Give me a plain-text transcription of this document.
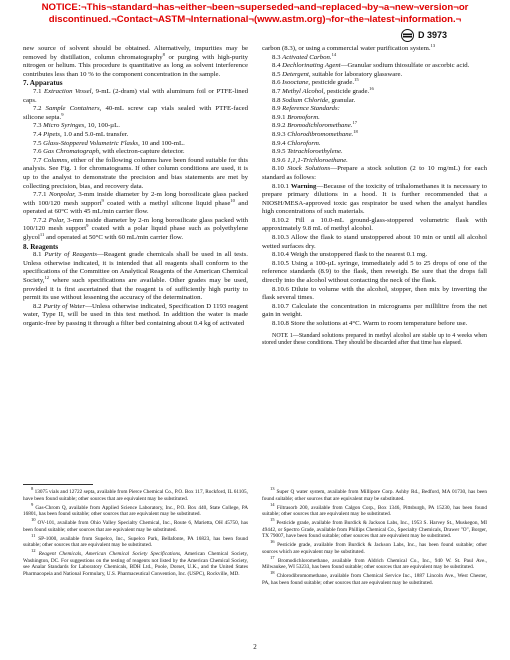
NOTICE:¬This¬standard¬has¬either¬been¬superseded¬and¬replaced¬by¬a¬new¬version¬or
discontinued.¬Contact¬ASTM¬International¬(www.astm.org)¬for¬the¬latest¬information.¬
D 3973

new source of solvent should be obtained. Alternatively, impurities may be removed by distillation, column chromatography$^8$ or purging with high-purity nitrogen or helium. This procedure is quantitative as long as solvent interference contributes less than 10 % to the component concentration in the sample.

7. Apparatus

7.1 Extraction Vessel, 9-mL (2-dram) vial with aluminum foil or PTFE-lined caps.

7.2 Sample Containers, 40-mL screw cap vials sealed with PTFE-faced silicone septa.$^9$

7.3 Micro Syringes, 10, 100-µL.

7.4 Pipets, 1.0 and 5.0-mL transfer.

7.5 Glass-Stoppered Volumetric Flasks, 10 and 100-mL.

7.6 Gas Chromatograph, with electron-capture detector.

7.7 Columns, either of the following columns have been found suitable for this analysis. See Fig. 1 for chromatograms. If other column conditions are used, it is up to the analyst to demonstrate the precision and bias statements are met by collecting precision, bias, and recovery data.

7.7.1 Nonpolar, 3-mm inside diameter by 2-m long borosilicate glass packed with 100/120 mesh support$^9$ coated with a methyl silicone liquid phase$^{10}$ and operated at 60°C with 45 mL/min carrier flow.

7.7.2 Polar, 3-mm inside diameter by 2-m long borosilicate glass packed with 100/120 mesh support$^9$ coated with a polar liquid phase such as polyethylene glycol$^{11}$ and operated at 50°C with 60 mL/min carrier flow.

8. Reagents

8.1 Purity of Reagents—Reagent grade chemicals shall be used in all tests. Unless otherwise indicated, it is intended that all reagents shall conform to the specifications of the Committee on Analytical Reagents of the American Chemical Society,$^{12}$ where such specifications are available. Other grades may be used, provided it is first ascertained that the reagent is of sufficiently high purity to permit its use without lessening the accuracy of the determination.

8.2 Purity of Water—Unless otherwise indicated, Specification D 1193 reagent water, Type II, will be used in this test method. In addition the water is made organic-free by passing it through a filter bed containing about 0.4 kg of activated

carbon (8.3), or using a commercial water purification system.$^{13}$

8.3 Activated Carbon.$^{14}$

8.4 Dechlorinating Agent—Granular sodium thiosulfate or ascorbic acid.

8.5 Detergent, suitable for laboratory glassware.

8.6 Isooctane, pesticide grade.$^{15}$

8.7 Methyl Alcohol, pesticide grade.$^{16}$

8.8 Sodium Chloride, granular.

8.9 Reference Standards:

8.9.1 Bromoform.

8.9.2 Bromodichloromethane.$^{17}$

8.9.3 Chlorodibromomethane.$^{18}$

8.9.4 Chloroform.

8.9.5 Tetrachloroethylene.

8.9.6 1,1,1-Trichloroethane.

8.10 Stock Solutions—Prepare a stock solution (2 to 10 mg/mL) for each standard as follows:

8.10.1 Warning—Because of the toxicity of trihalomethanes it is necessary to prepare primary dilutions in a hood. It is further recommended that a NIOSH/MESA-approved toxic gas respirator be used when the analyst handles high concentrations of such materials.

8.10.2 Fill a 10.0-mL ground-glass-stoppered volumetric flask with approximately 9.8 mL of methyl alcohol.

8.10.3 Allow the flask to stand unstoppered about 10 min or until all alcohol wetted surfaces dry.

8.10.4 Weigh the unstoppered flask to the nearest 0.1 mg.

8.10.5 Using a 100-µL syringe, immediately add 5 to 25 drops of one of the reference standards (8.9) to the flask, then reweigh. Be sure that the drops fall directly into the alcohol without contacting the neck of the flask.

8.10.6 Dilute to volume with the alcohol, stopper, then mix by inverting the flask several times.

8.10.7 Calculate the concentration in micrograms per millilitre from the net gain in weight.

8.10.8 Store the solutions at 4°C. Warm to room temperature before use.

NOTE 1—Standard solutions prepared in methyl alcohol are stable up to 4 weeks when stored under these conditions. They should be discarded after that time has elapsed.

$^8$ 13075 vials and 12722 septa, available from Pierce Chemical Co., P.O. Box 117, Rockford, IL 61105, have been found suitable; other sources that are equivalent may be substituted.

$^9$ Gas-Chrom Q, available from Applied Science Laboratory, Inc., P.O. Box 440, State College, PA 16801, has been found suitable; other sources that are equivalent may be substituted.

$^{10}$ OV-101, available from Ohio Valley Specialty Chemical, Inc., Route 6, Marietta, OH 45750, has been found suitable; other sources that are equivalent may be substituted.

$^{11}$ SP-1000, available from Supelco, Inc., Supelco Park, Bellafonte, PA 16823, has been found suitable; other sources that are equivalent may be substituted.

$^{12}$ Reagent Chemicals, American Chemical Society Specifications, American Chemical Society, Washington, DC. For suggestions on the testing of reagents not listed by the American Chemical Society, see Analar Standards for Laboratory Chemicals, BDH Ltd., Poole, Dorset, U.K., and the United States Pharmacopeia and National Formulary, U.S. Pharmaceutical Convention, Inc. (USPC), Rockville, MD.

$^{13}$ Super Q water system, available from Millipore Corp. Ashby Rd., Bedford, MA 01730, has been found suitable; other sources that are equivalent may be substituted.

$^{14}$ Filtrasorb 200, available from Calgon Corp., Box 1346, Pittsburgh, PA 15230, has been found suitable; other sources that are equivalent may be substituted.

$^{15}$ Pesticide grade, available from Burdick & Jackson Labs, Inc., 1953 S. Harvey St., Muskegon, MI 49442, or Spectro Grade, available from Phillips Chemical Co., Specialty Chemicals, Drawer "O", Borger, TX 79007, have been found suitable; other sources that are equivalent may be substituted.

$^{16}$ Pesticide grade, available from Burdick & Jackson Labs, Inc., has been found suitable; other sources which are equivalent may be substituted.

$^{17}$ Bromodichloromethane, available from Aldrich Chemical Co., Inc., 940 W. St. Paul Ave., Milwaukee, WI 53233, has been found suitable; other sources that are equivalent may be substituted.

$^{18}$ Chlorodibromomethane, available from Chemical Service Inc., 1887 Lincoln Ave., West Chester, PA, has been found suitable; other sources that are equivalent may be substituted.

2
